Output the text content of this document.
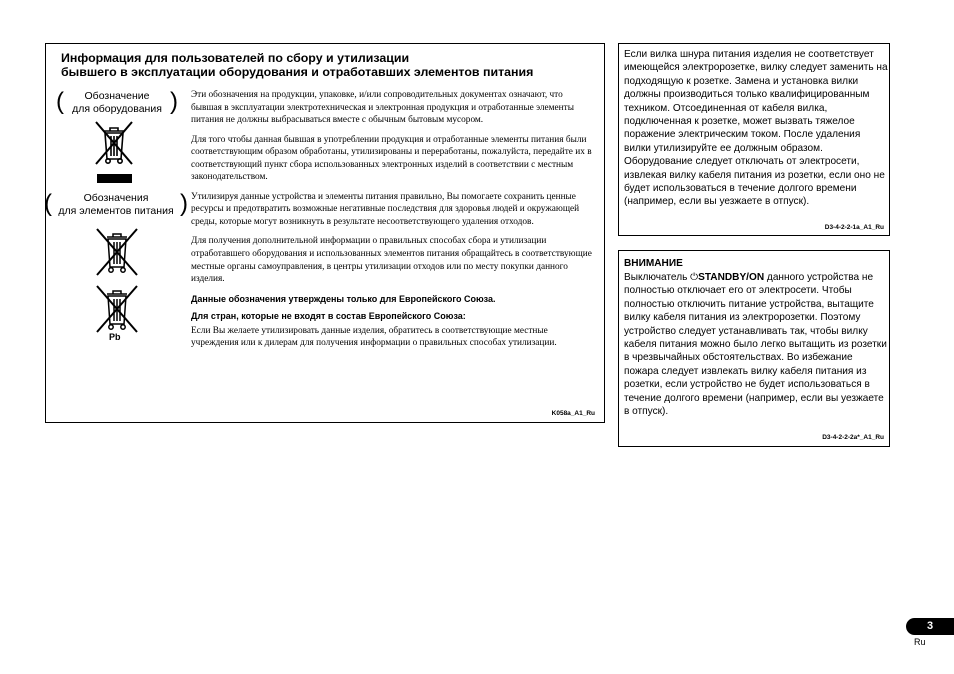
Информация для пользователей по сбору и утилизации
бывшего в эксплуатации оборудования и отработавших элементов питания
( Обозначение
для оборудования
)
( Обозначения
для элементов питания
)
Pb

Эти обозначения на продукции, упаковке, и/или сопроводительных документах означают, что бывшая в эксплуатации электротехническая и электронная продукция и отработанные элементы питания не должны выбрасываться вместе с обычным бытовым мусором.

Для того чтобы данная бывшая в употреблении продукция и отработанные элементы питания были соответствующим образом обработаны, утилизированы и переработаны, пожалуйста, передайте их в соответствующий пункт сбора использованных электронных изделий в соответствии с местным законодательством.

Утилизируя данные устройства и элементы питания правильно, Вы помогаете сохранить ценные ресурсы и предотвратить возможные негативные последствия для здоровья людей и окружающей среды, которые могут возникнуть в результате несоответствующего удаления отходов.

Для получения дополнительной информации о правильных способах сбора и утилизации отработавшего оборудования и использованных элементов питания обращайтесь в соответствующие местные органы самоуправления, в центры утилизации отходов или по месту покупки данного изделия.

Данные обозначения утверждены только для Европейского Союза.

Для стран, которые не входят в состав Европейского Союза:

Если Вы желаете утилизировать данные изделия, обратитесь в соответствующие местные учреждения или к дилерам для получения информации о правильных способах утилизации.

K058a_A1_Ru
Если вилка шнура питания изделия не соответствует имеющейся электророзетке, вилку следует заменить на подходящую к розетке. Замена и установка вилки должны производиться только квалифицированным техником. Отсоединенная от кабеля вилка, подключенная к розетке, может вызвать тяжелое поражение электрическим током. После удаления вилки утилизируйте ее должным образом. Оборудование следует отключать от электросети, извлекая вилку кабеля питания из розетки, если оно не будет использоваться в течение долгого времени (например, если вы уезжаете в отпуск).
D3-4-2-2-1a_A1_Ru
ВНИМАНИЕ
Выключатель ⏻STANDBY/ON данного устройства не полностью отключает его от электросети. Чтобы полностью отключить питание устройства, вытащите вилку кабеля питания из электророзетки. Поэтому устройство следует устанавливать так, чтобы вилку кабеля питания можно было легко вытащить из розетки в чрезвычайных обстоятельствах. Во избежание пожара следует извлекать вилку кабеля питания из розетки, если устройство не будет использоваться в течение долгого времени (например, если вы уезжаете в отпуск).
D3-4-2-2-2a*_A1_Ru
3
Ru
